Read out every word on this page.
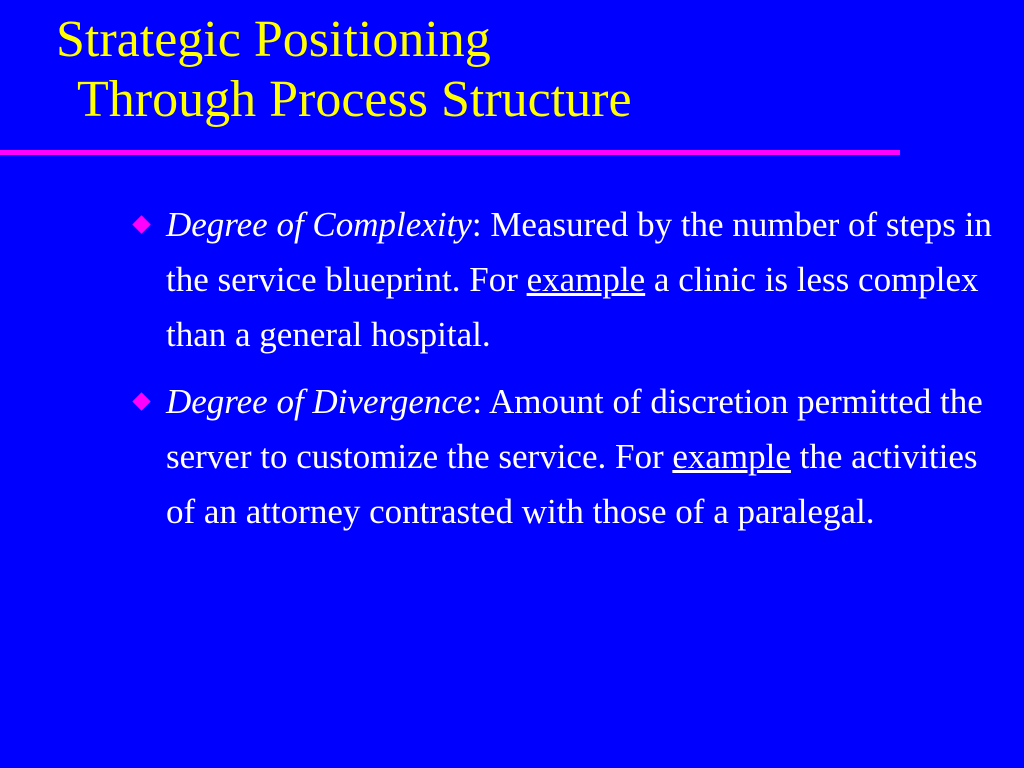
Strategic Positioning
Through Process Structure
Degree of Complexity: Measured by the number of steps in the service blueprint. For example a clinic is less complex than a general hospital.
Degree of Divergence: Amount of discretion permitted the server to customize the service. For example the activities of an attorney contrasted with those of a paralegal.
